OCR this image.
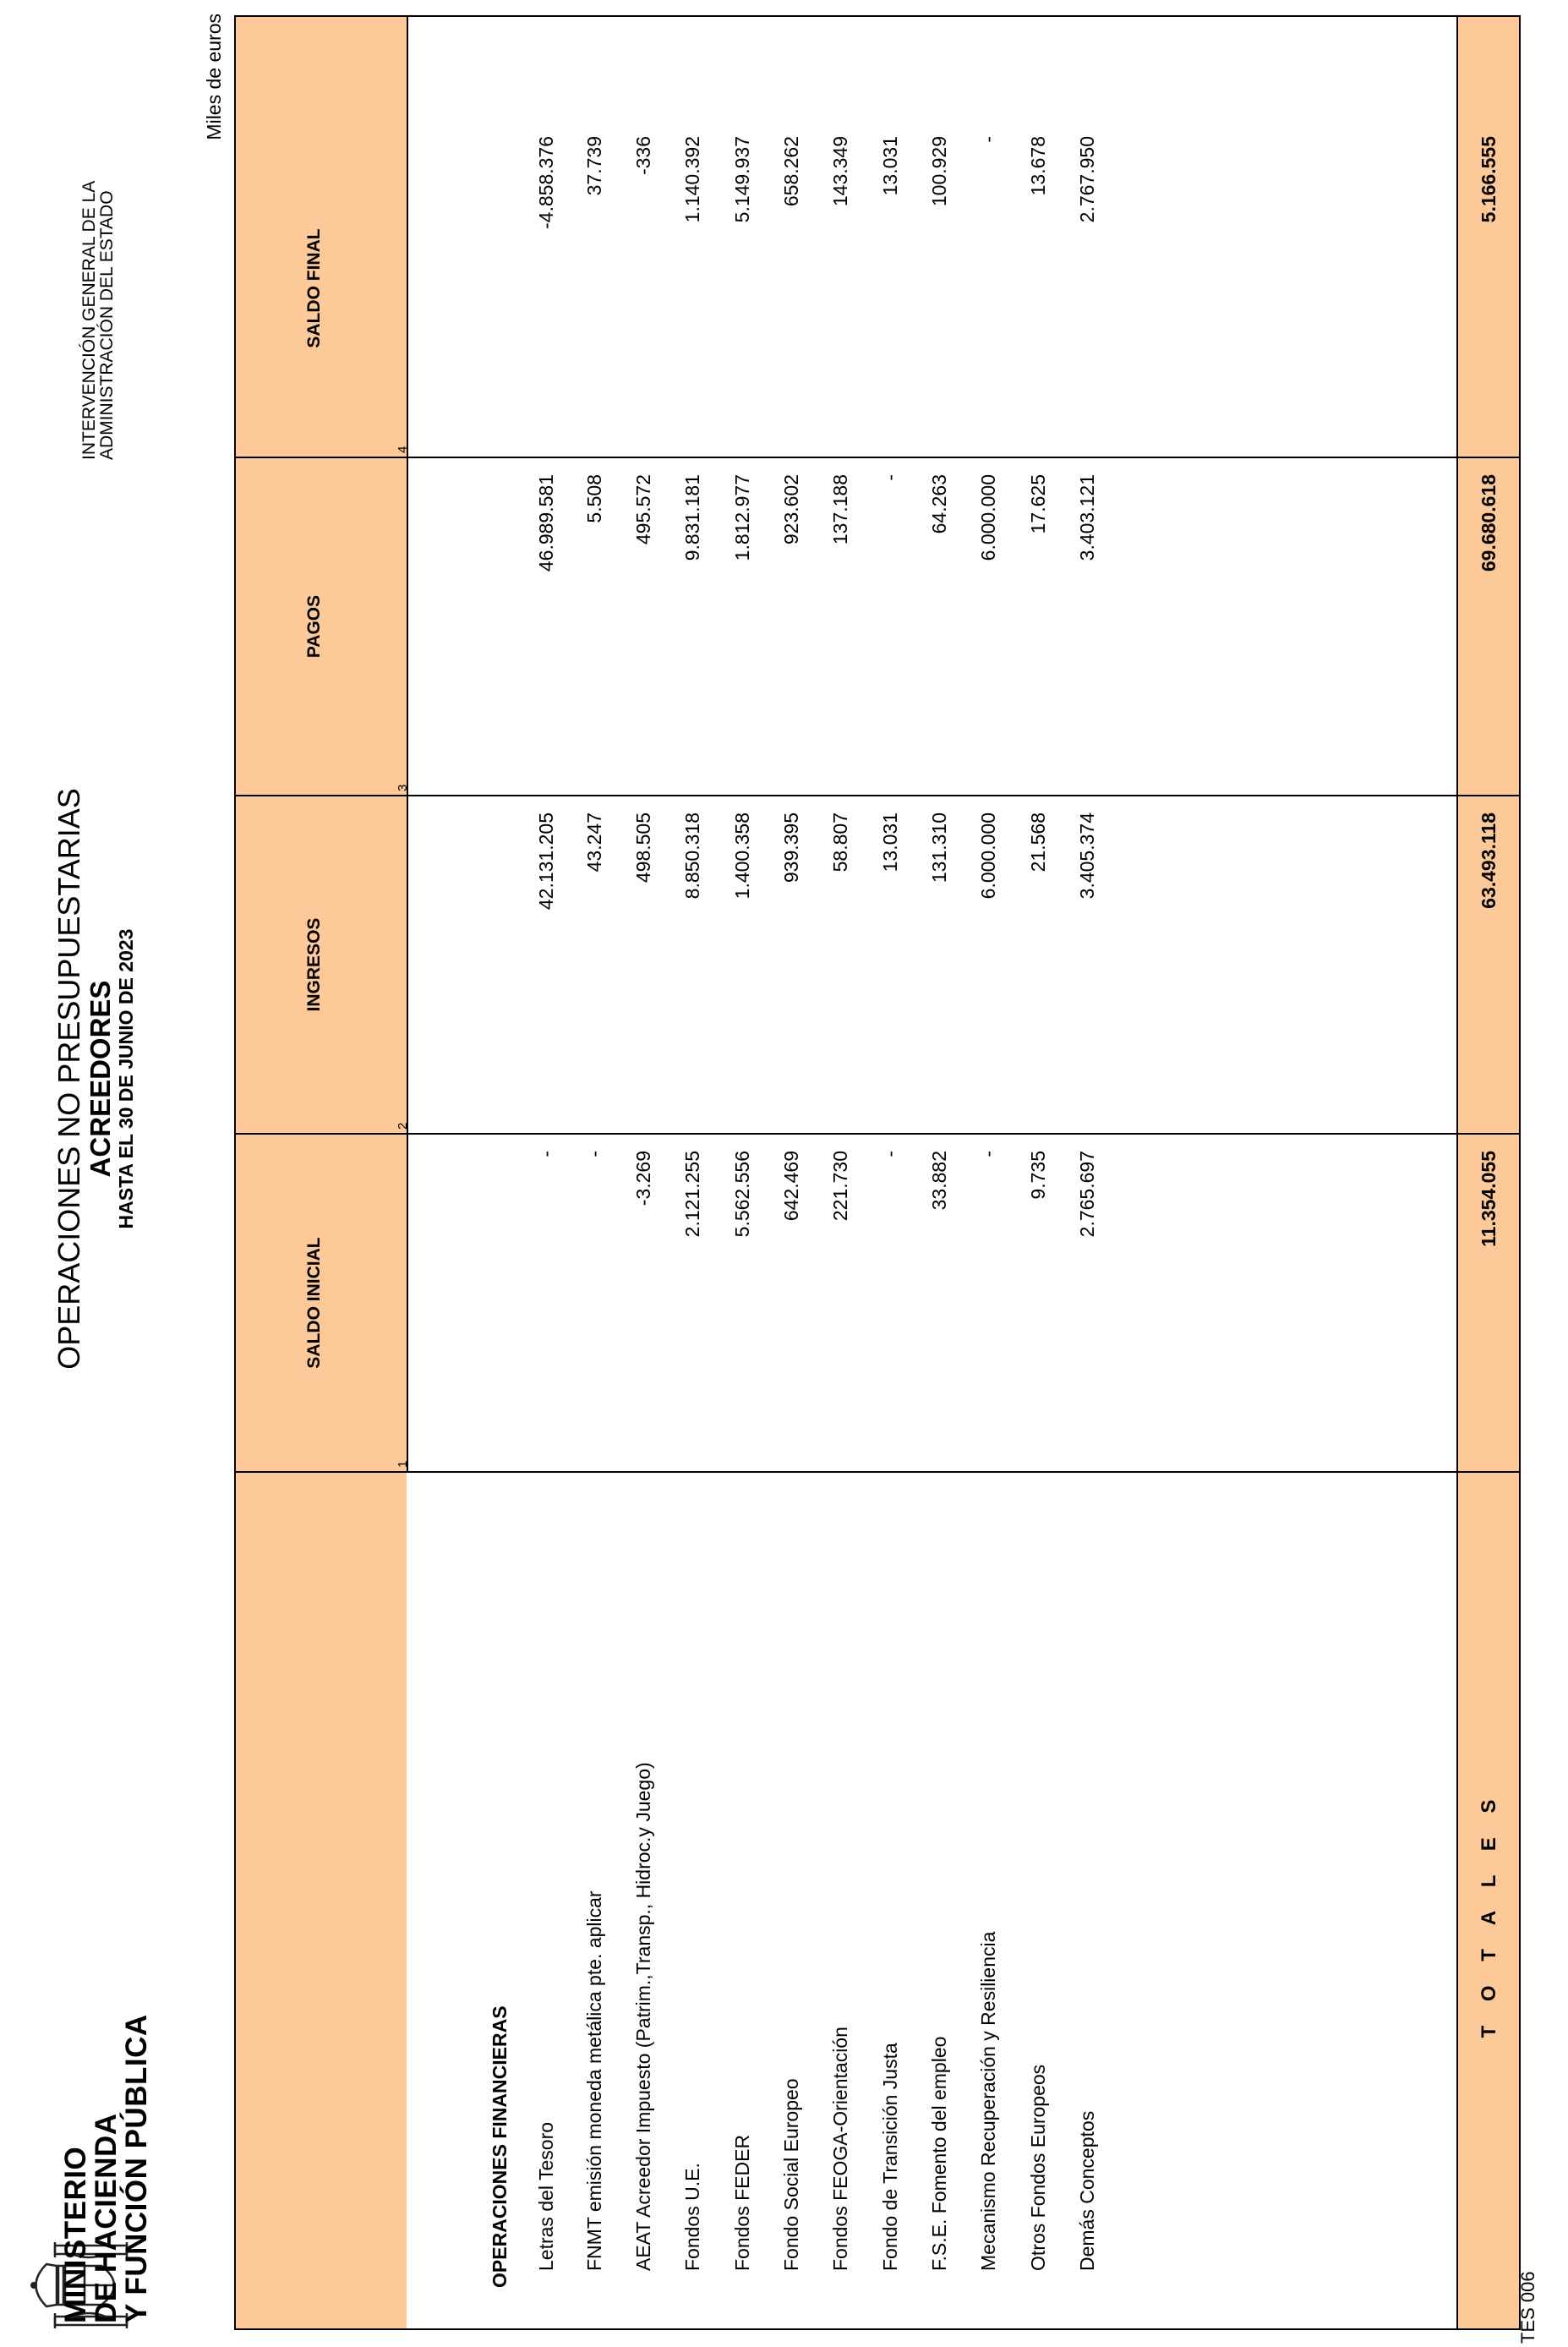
MINISTERIO
DE HACIENDA
Y FUNCIÓN PÚBLICA
OPERACIONES NO PRESUPUESTARIAS
ACREEDORES HASTA EL 30 DE JUNIO DE 2023
INTERVENCIÓN GENERAL DE LA
ADMINISTRACIÓN DEL ESTADO
Miles de euros
SALDO INICIAL
INGRESOS
PAGOS
SALDO FINAL
1
2
3
4
OPERACIONES FINANCIERAS Letras del Tesoro
-
42.131.205
46.989.581
-4.858.376
FNMT emisión moneda metálica pte. aplicar
-
43.247
5.508
37.739
AEAT Acreedor Impuesto (Patrim.,Transp., Hidroc.y Juego)
-3.269
498.505
495.572
-336
Fondos U.E.
2.121.255
8.850.318
9.831.181
1.140.392
Fondos FEDER
5.562.556
1.400.358
1.812.977
5.149.937
Fondo Social Europeo
642.469
939.395
923.602
658.262
Fondos FEOGA-Orientación
221.730
58.807
137.188
143.349
Fondo de Transición Justa
-
13.031
-
13.031
F.S.E. Fomento del empleo
33.882
131.310
64.263
100.929
Mecanismo Recuperación y Resiliencia
-
6.000.000
6.000.000
-
Otros Fondos Europeos
9.735
21.568
17.625
13.678
Demás Conceptos
2.765.697
3.405.374
3.403.121
2.767.950
T O T A L E S
11.354.055
63.493.118
69.680.618
5.166.555
TES 006
